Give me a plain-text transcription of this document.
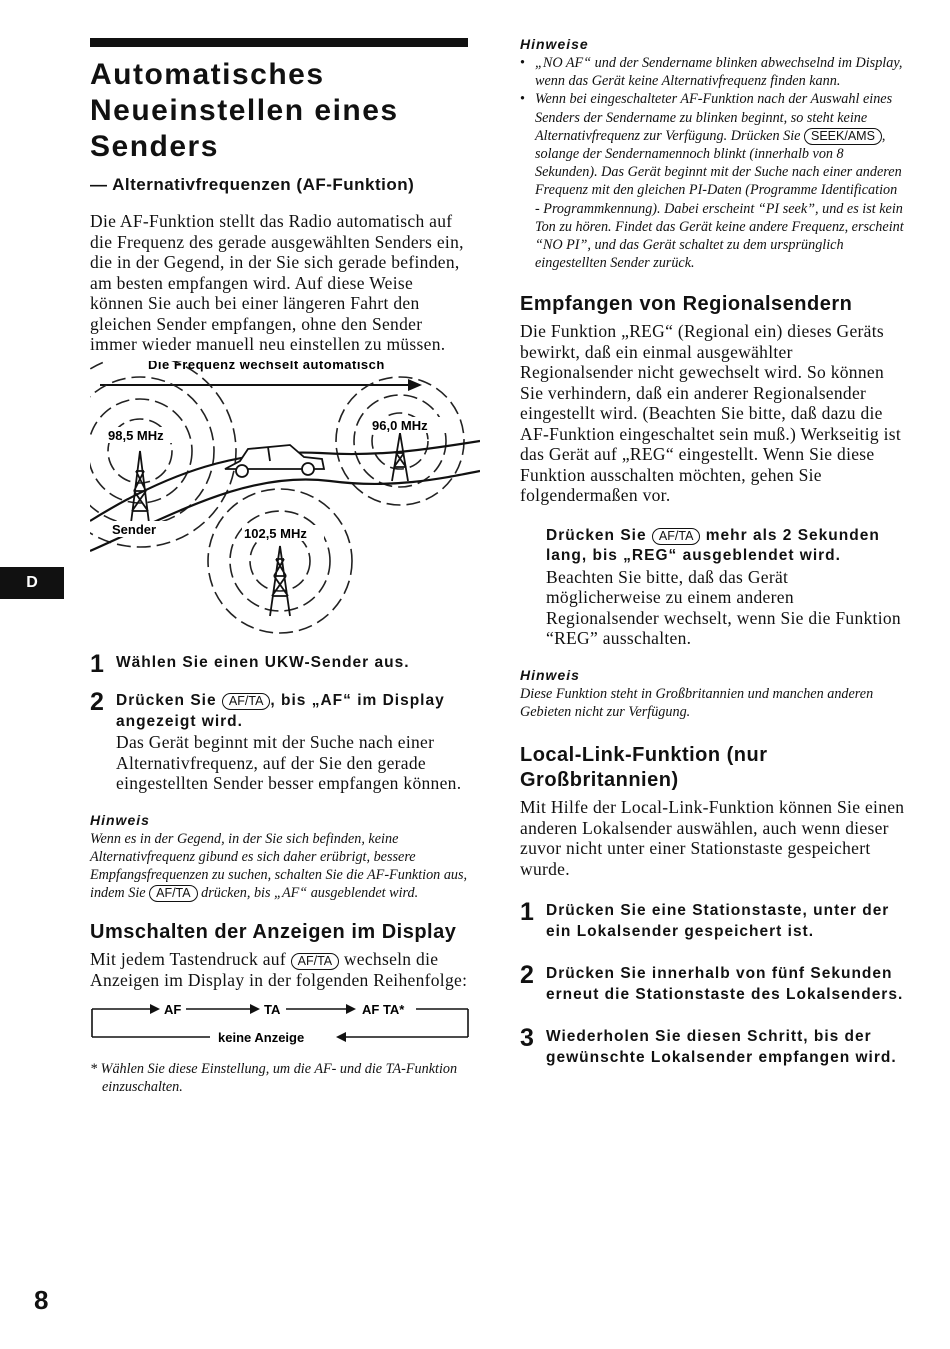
D
8
Automatisches
Neueinstellen eines
Senders
— Alternativfrequenzen (AF-Funktion)

Die AF-Funktion stellt das Radio automatisch auf die Frequenz des gerade ausgewählten Senders ein, die in der Gegend, in der Sie sich gerade befinden, am besten empfangen wird. Auf diese Weise können Sie auch bei einer längeren Fahrt den gleichen Sender empfangen, ohne den Sender immer wieder manuell neu einstellen zu müssen.

Die Frequenz wechselt automatisch
98,5 MHz
96,0 MHz
102,5 MHz
Sender
1 Wählen Sie einen UKW-Sender aus.
2 Drücken Sie AF/TA , bis „AF“ im Display angezeigt wird.

Das Gerät beginnt mit der Suche nach einer Alternativfrequenz, auf der Sie den gerade eingestellten Sender besser empfangen können.

Hinweis

Wenn es in der Gegend, in der Sie sich befinden, keine Alternativfrequenz gibund es sich daher erübrigt, bessere Empfangsfrequenzen zu suchen, schalten Sie die AF-Funktion aus, indem Sie AF/TA drücken, bis „AF“ ausgeblendet wird.

Umschalten der Anzeigen im Display

Mit jedem Tastendruck auf AF/TA wechseln die Anzeigen im Display in der folgenden Reihenfolge:

AF	TA	AF TA*
keine Anzeige

* Wählen Sie diese Einstellung, um die AF- und die TA-Funktion einzuschalten.

Hinweise
• „NO AF“ und der Sendername blinken abwechselnd im Display, wenn das Gerät keine Alternativfrequenz finden kann.
• Wenn bei eingeschalteter AF-Funktion nach der Auswahl eines Senders der Sendername zu blinken beginnt, so steht keine Alternativfrequenz zur Verfügung. Drücken Sie SEEK/AMS , solange der Sendernamennoch blinkt (innerhalb von 8 Sekunden). Das Gerät beginnt mit der Suche nach einer anderen Frequenz mit den gleichen PI-Daten (Programme Identification - Programmkennung). Dabei erscheint “PI seek”, und es ist kein Ton zu hören. Findet das Gerät keine andere Frequenz, erscheint “NO PI”, und das Gerät schaltet zu dem ursprünglich eingestellten Sender zurück.
Empfangen von Regionalsendern

Die Funktion „REG“ (Regional ein) dieses Geräts bewirkt, daß ein einmal ausgewählter Regionalsender nicht gewechselt wird. So können Sie verhindern, daß ein anderer Regionalsender eingestellt wird. (Beachten Sie bitte, daß dazu die AF-Funktion eingeschaltet sein muß.) Werkseitig ist das Gerät auf „REG“ eingestellt. Wenn Sie diese Funktion ausschalten möchten, gehen Sie folgendermaßen vor.

Drücken Sie AF/TA mehr als 2 Sekunden lang, bis „REG“ ausgeblendet wird.

Beachten Sie bitte, daß das Gerät möglicherweise zu einem anderen Regionalsender wechselt, wenn Sie die Funktion “REG” ausschalten.

Hinweis

Diese Funktion steht in Großbritannien und manchen anderen Gebieten nicht zur Verfügung.

Local-Link-Funktion (nur Großbritannien)

Mit Hilfe der Local-Link-Funktion können Sie einen anderen Lokalsender auswählen, auch wenn dieser zuvor nicht unter einer Stationstaste gespeichert wurde.

1 Drücken Sie eine Stationstaste, unter der ein Lokalsender gespeichert ist.
2 Drücken Sie innerhalb von fünf Sekunden erneut die Stationstaste des Lokalsenders.
3 Wiederholen Sie diesen Schritt, bis der gewünschte Lokalsender empfangen wird.
